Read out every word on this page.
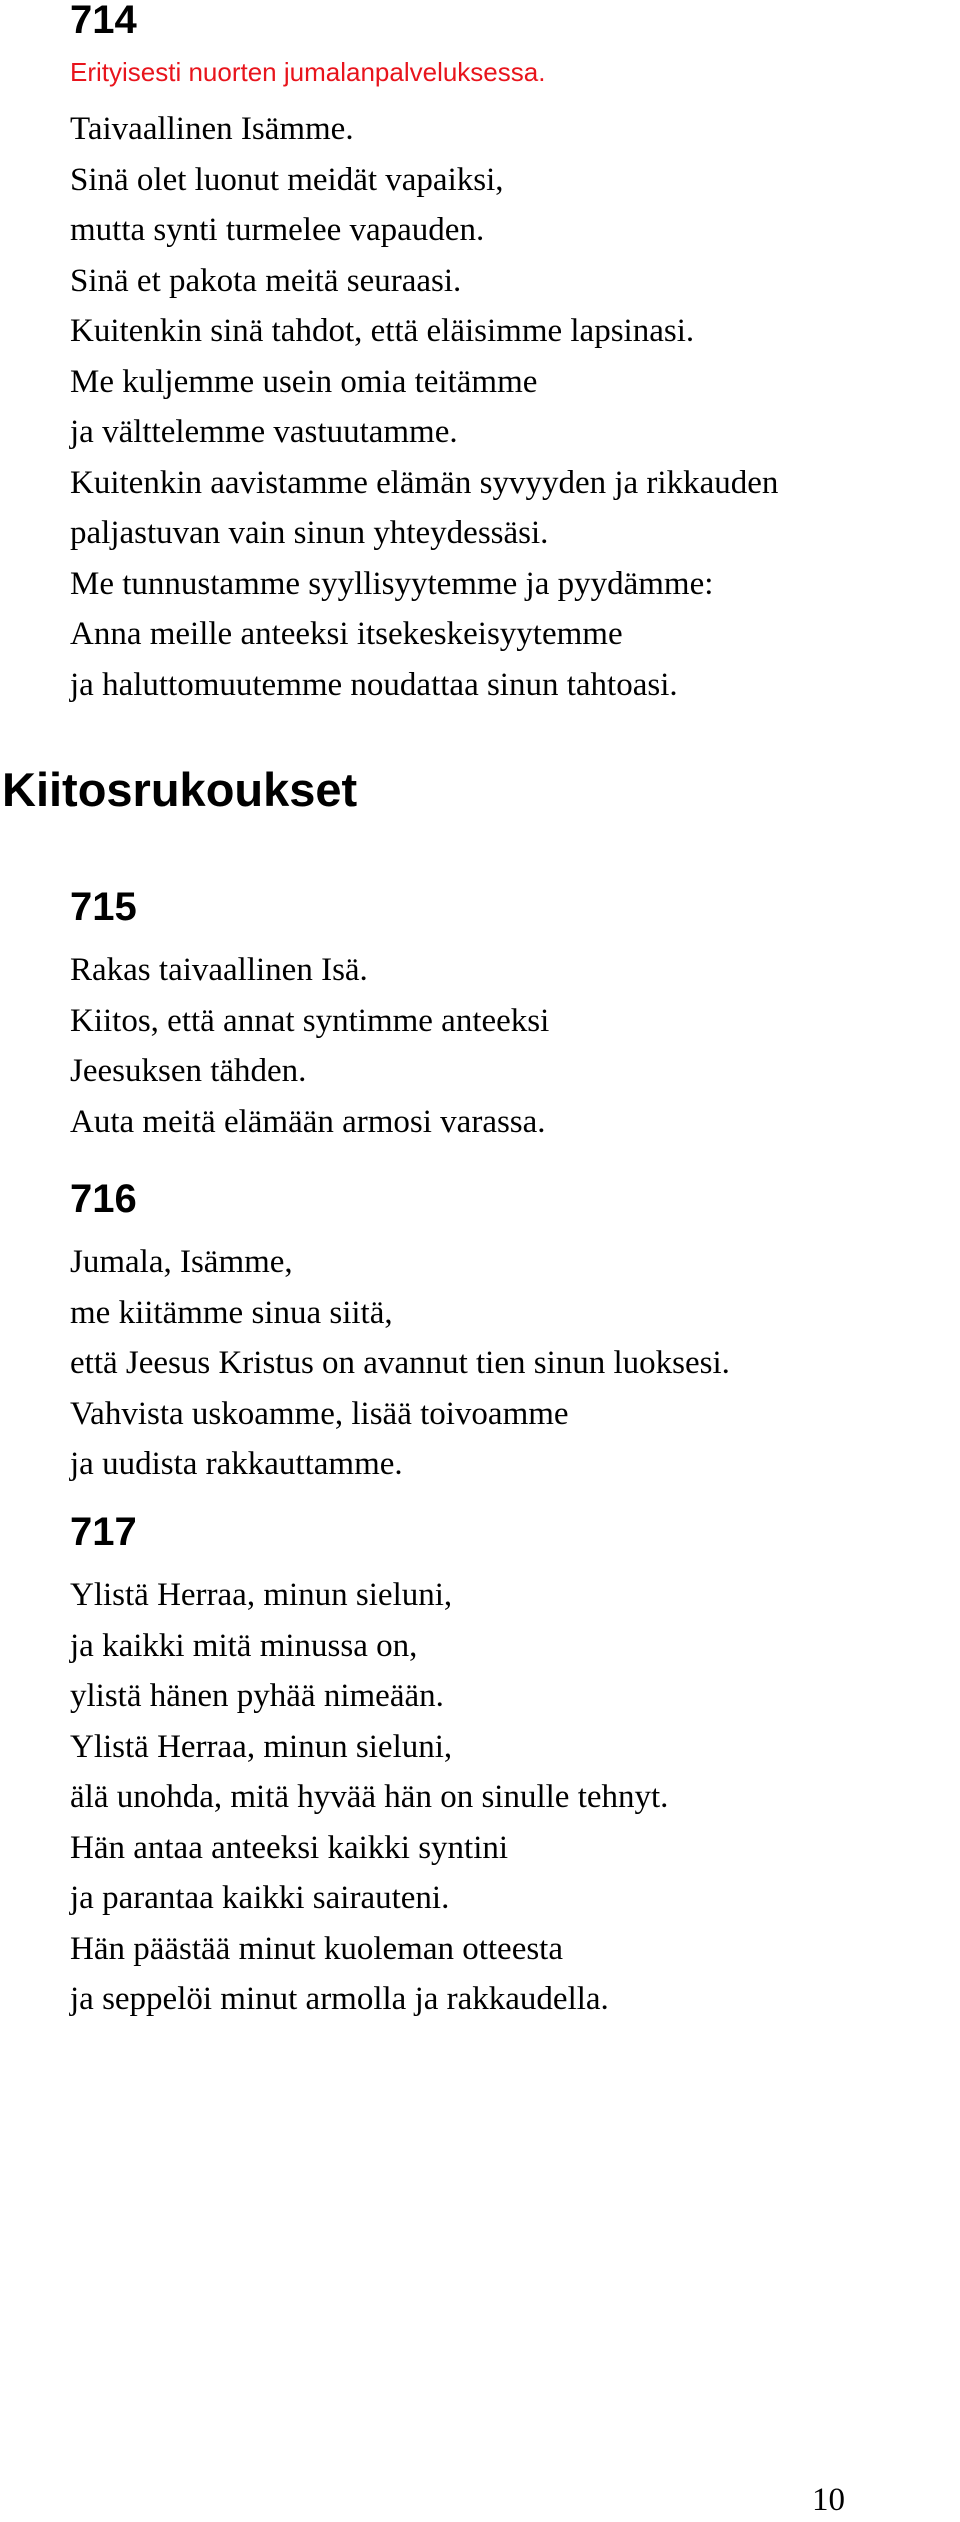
714

Erityisesti nuorten jumalanpalveluksessa.

Taivaallinen Isämme.
Sinä olet luonut meidät vapaiksi,
mutta synti turmelee vapauden.
Sinä et pakota meitä seuraasi.
Kuitenkin sinä tahdot, että eläisimme lapsinasi.
Me kuljemme usein omia teitämme
ja välttelemme vastuutamme.
Kuitenkin aavistamme elämän syvyyden ja rikkauden
paljastuvan vain sinun yhteydessäsi.
Me tunnustamme syyllisyytemme ja pyydämme:
Anna meille anteeksi itsekeskeisyytemme
ja haluttomuutemme noudattaa sinun tahtoasi.
Kiitosrukoukset

715

Rakas taivaallinen Isä.
Kiitos, että annat syntimme anteeksi
Jeesuksen tähden.
Auta meitä elämään armosi varassa.

716

Jumala, Isämme,
me kiitämme sinua siitä,
että Jeesus Kristus on avannut tien sinun luoksesi.
Vahvista uskoamme, lisää toivoamme
ja uudista rakkauttamme.

717

Ylistä Herraa, minun sieluni,
ja kaikki mitä minussa on,
ylistä hänen pyhää nimeään.
Ylistä Herraa, minun sieluni,
älä unohda, mitä hyvää hän on sinulle tehnyt.
Hän antaa anteeksi kaikki syntini
ja parantaa kaikki sairauteni.
Hän päästää minut kuoleman otteesta
ja seppelöi minut armolla ja rakkaudella.

10
